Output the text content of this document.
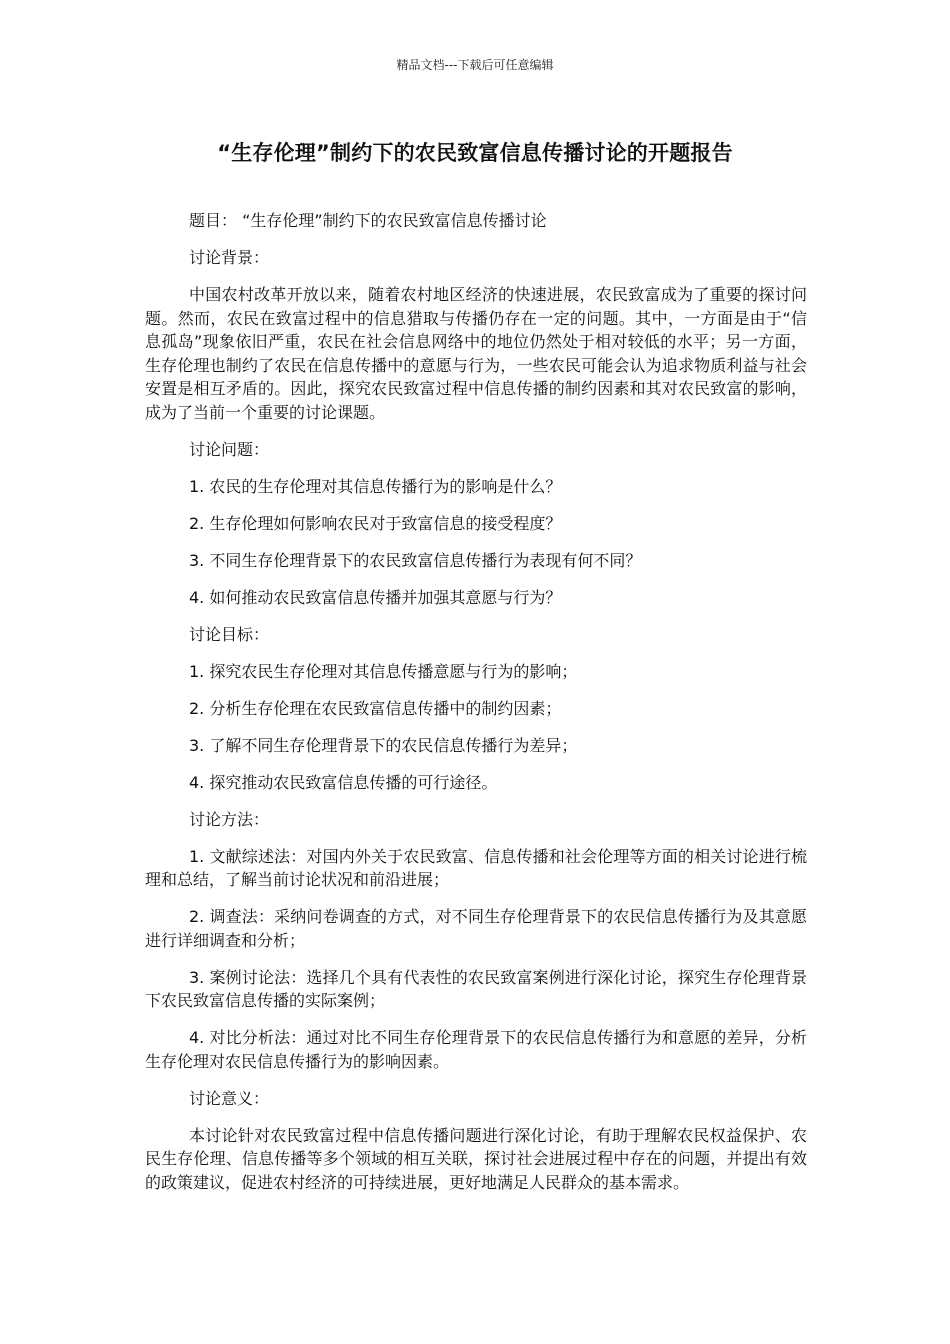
精品文档---下载后可任意编辑
“生存伦理”制约下的农民致富信息传播讨论的开题报告

题目： “生存伦理”制约下的农民致富信息传播讨论

讨论背景：

中国农村改革开放以来，随着农村地区经济的快速进展，农民致富成为了重要的探讨问题。然而，农民在致富过程中的信息猎取与传播仍存在一定的问题。其中，一方面是由于“信息孤岛”现象依旧严重，农民在社会信息网络中的地位仍然处于相对较低的水平；另一方面，生存伦理也制约了农民在信息传播中的意愿与行为，一些农民可能会认为追求物质利益与社会安置是相互矛盾的。因此，探究农民致富过程中信息传播的制约因素和其对农民致富的影响，成为了当前一个重要的讨论课题。

讨论问题：

1. 农民的生存伦理对其信息传播行为的影响是什么？

2. 生存伦理如何影响农民对于致富信息的接受程度？

3. 不同生存伦理背景下的农民致富信息传播行为表现有何不同？

4. 如何推动农民致富信息传播并加强其意愿与行为？

讨论目标：

1. 探究农民生存伦理对其信息传播意愿与行为的影响；

2. 分析生存伦理在农民致富信息传播中的制约因素；

3. 了解不同生存伦理背景下的农民信息传播行为差异；

4. 探究推动农民致富信息传播的可行途径。

讨论方法：

1. 文献综述法：对国内外关于农民致富、信息传播和社会伦理等方面的相关讨论进行梳理和总结，了解当前讨论状况和前沿进展；

2. 调查法：采纳问卷调查的方式，对不同生存伦理背景下的农民信息传播行为及其意愿进行详细调查和分析；

3. 案例讨论法：选择几个具有代表性的农民致富案例进行深化讨论，探究生存伦理背景下农民致富信息传播的实际案例；

4. 对比分析法：通过对比不同生存伦理背景下的农民信息传播行为和意愿的差异，分析生存伦理对农民信息传播行为的影响因素。

讨论意义：

本讨论针对农民致富过程中信息传播问题进行深化讨论，有助于理解农民权益保护、农民生存伦理、信息传播等多个领域的相互关联，探讨社会进展过程中存在的问题，并提出有效的政策建议，促进农村经济的可持续进展，更好地满足人民群众的基本需求。
